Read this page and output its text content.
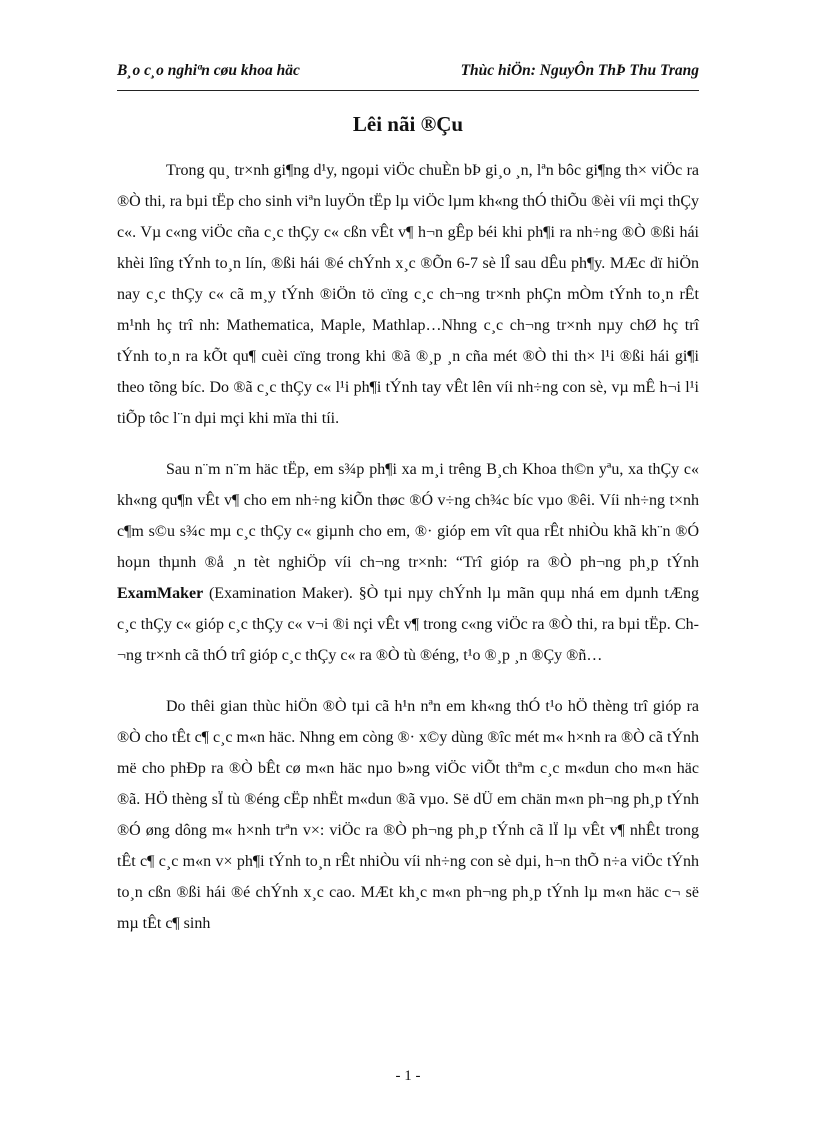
B¸o c¸o nghiªn cøu khoa häc	Thùc hiÖn: NguyÔn ThÞ Thu Trang
Lêi nãi ®Çu

Trong qu¸ tr×nh gi¶ng d¹y, ngoµi viÖc chuÈn bÞ gi¸o ¸n, lªn bôc gi¶ng th× viÖc ra ®Ò thi, ra bµi tËp cho sinh viªn luyÖn tËp lµ viÖc lµm kh«ng thÓ thiÕu ®èi víi mçi thÇy c«. Vµ c«ng viÖc cña c¸c thÇy c« cßn vÊt v¶ h¬n gÊp béi khi ph¶i ra nh÷ng ®Ò ®ßi hái khèi lîng tÝnh to¸n lín, ®ßi hái ®é chÝnh x¸c ®Õn 6-7 sè lÎ sau dÊu ph¶y. MÆc dï hiÖn nay c¸c thÇy c« cã m¸y tÝnh ®iÖn tö cïng c¸c ch¬ng tr×nh phÇn mÒm tÝnh to¸n rÊt m¹nh hç trî nh: Mathematica, Maple, Mathlap…Nhng c¸c ch¬ng tr×nh nµy chØ hç trî tÝnh to¸n ra kÕt qu¶ cuèi cïng trong khi ®ã ®¸p ¸n cña mét ®Ò thi th× l¹i ®ßi hái gi¶i theo tõng bíc. Do ®ã c¸c thÇy c« l¹i ph¶i tÝnh tay vÊt lên víi nh÷ng con sè, vµ mÊ h¬i l¹i tiÕp tôc l¨n dµi mçi khi mïa thi tíi.

Sau n¨m n¨m häc tËp, em s¾p ph¶i xa m¸i trêng B¸ch Khoa th©n yªu, xa thÇy c« kh«ng qu¶n vÊt v¶ cho em nh÷ng kiÕn thøc ®Ó v÷ng ch¾c bíc vµo ®êi. Víi nh÷ng t×nh c¶m s©u s¾c mµ c¸c thÇy c« giµnh cho em, ®· gióp em vît qua rÊt nhiÒu khã kh¨n ®Ó hoµn thµnh ®å ¸n tèt nghiÖp víi ch¬ng tr×nh: “Trî gióp ra ®Ò ph¬ng ph¸p tÝnh ExamMaker (Examination Maker). §Ò tµi nµy chÝnh lµ mãn quµ nhá em dµnh tÆng c¸c thÇy c« gióp c¸c thÇy c« v¬i ®i nçi vÊt v¶ trong c«ng viÖc ra ®Ò thi, ra bµi tËp. Ch¬ng tr×nh cã thÓ trî gióp c¸c thÇy c« ra ®Ò tù ®éng, t¹o ®¸p ¸n ®Çy ®ñ…

Do thêi gian thùc hiÖn ®Ò tµi cã h¹n nªn em kh«ng thÓ t¹o hÖ thèng trî gióp ra ®Ò cho tÊt c¶ c¸c m«n häc. Nhng em còng ®· x©y dùng ®îc mét m« h×nh ra ®Ò cã tÝnh më cho phÐp ra ®Ò bÊt cø m«n häc nµo b»ng viÖc viÕt thªm c¸c m«dun cho m«n häc ®ã. HÖ thèng sÏ tù ®éng cËp nhËt m«dun ®ã vµo. Së dÜ em chän m«n ph¬ng ph¸p tÝnh ®Ó øng dông m« h×nh trªn v×: viÖc ra ®Ò ph¬ng ph¸p tÝnh cã lÏ lµ vÊt v¶ nhÊt trong tÊt c¶ c¸c m«n v× ph¶i tÝnh to¸n rÊt nhiÒu víi nh÷ng con sè dµi, h¬n thÕ n÷a viÖc tÝnh to¸n cßn ®ßi hái ®é chÝnh x¸c cao. MÆt kh¸c m«n ph¬ng ph¸p tÝnh lµ m«n häc c¬ së mµ tÊt c¶ sinh

- 1 -
